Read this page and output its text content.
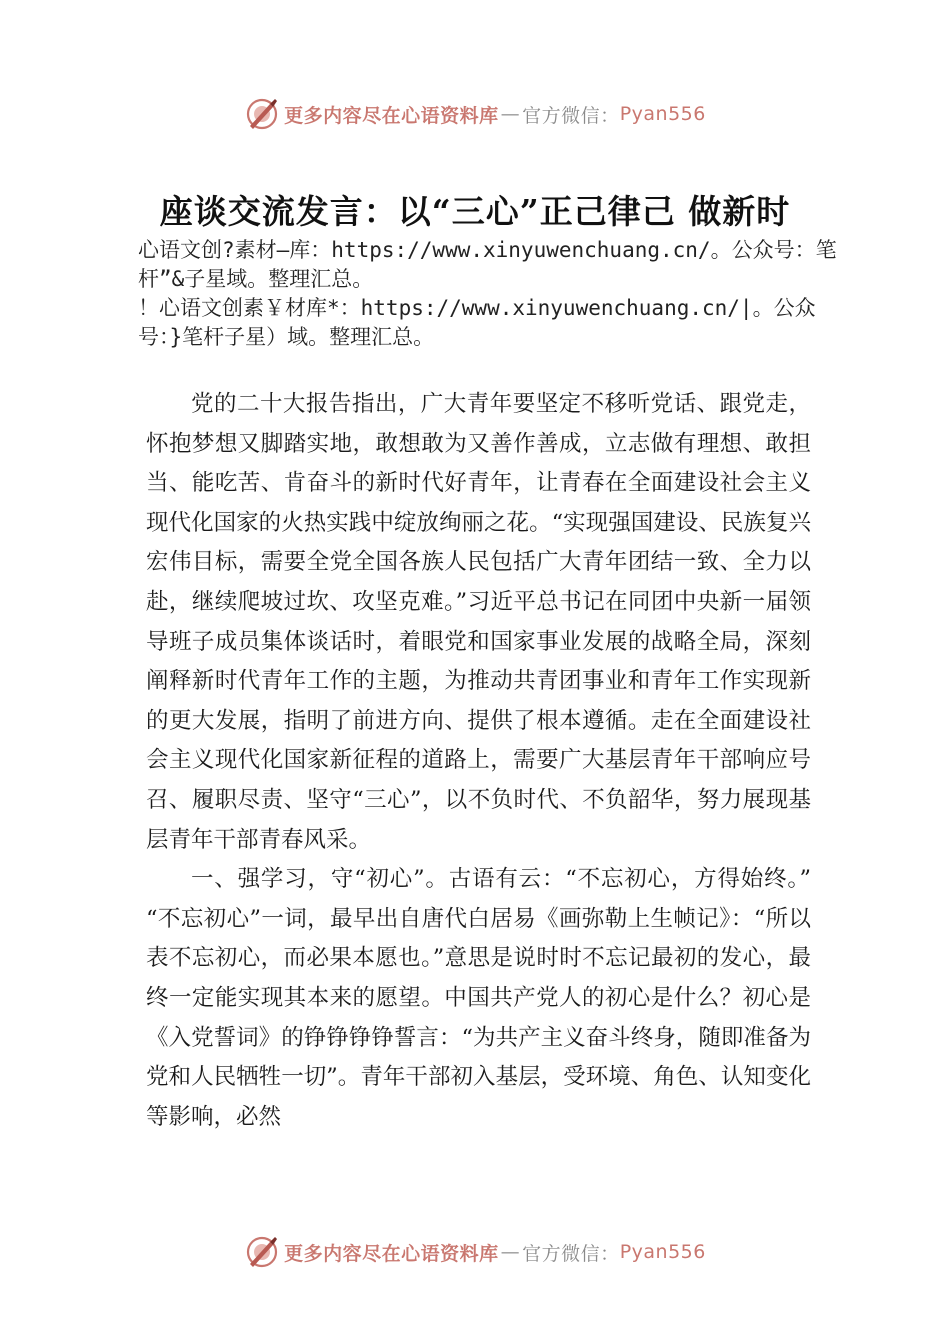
更多内容尽在心语资料库 — 官方微信： Pyan556
座谈交流发言：以“三心”正己律己 做新时

心语文创?素材—库：https://www.xinyuwenchuang.cn/。公众号：笔杆”&子星域。整理汇总。

！心语文创素￥材库*：https://www.xinyuwenchuang.cn/|。公众号：}笔杆子星）域。整理汇总。

党的二十大报告指出，广大青年要坚定不移听党话、跟党走，怀抱梦想又脚踏实地，敢想敢为又善作善成，立志做有理想、敢担当、能吃苦、肯奋斗的新时代好青年，让青春在全面建设社会主义现代化国家的火热实践中绽放绚丽之花。“实现强国建设、民族复兴宏伟目标，需要全党全国各族人民包括广大青年团结一致、全力以赴，继续爬坡过坎、攻坚克难。”习近平总书记在同团中央新一届领导班子成员集体谈话时，着眼党和国家事业发展的战略全局，深刻阐释新时代青年工作的主题，为推动共青团事业和青年工作实现新的更大发展，指明了前进方向、提供了根本遵循。走在全面建设社会主义现代化国家新征程的道路上，需要广大基层青年干部响应号召、履职尽责、坚守“三心”，以不负时代、不负韶华，努力展现基层青年干部青春风采。

一、强学习，守“初心”。古语有云：“不忘初心，方得始终。” “不忘初心”一词，最早出自唐代白居易《画弥勒上生帧记》：“所以表不忘初心，而必果本愿也。”意思是说时时不忘记最初的发心，最终一定能实现其本来的愿望。中国共产党人的初心是什么？初心是《入党誓词》的铮铮铮铮誓言：“为共产主义奋斗终身，随即准备为党和人民牺牲一切”。青年干部初入基层，受环境、角色、认知变化等影响，必然

更多内容尽在心语资料库 — 官方微信： Pyan556
